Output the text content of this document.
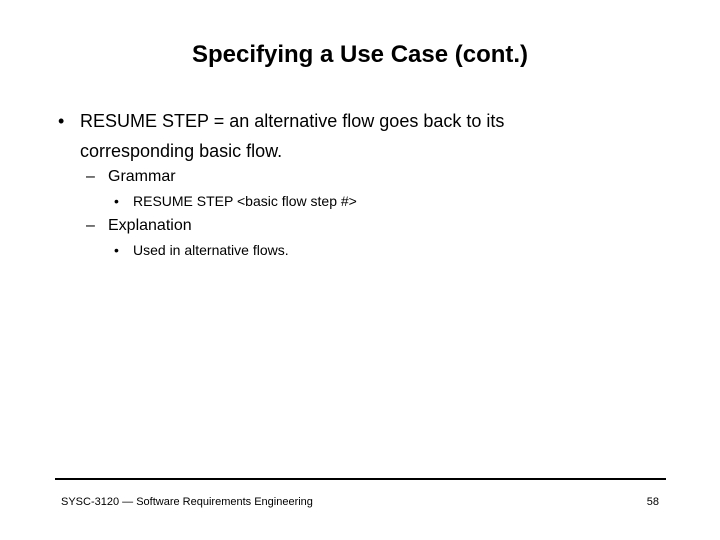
Specifying a Use Case (cont.)
• RESUME STEP = an alternative flow goes back to its corresponding basic flow.
– Grammar
• RESUME STEP <basic flow step #>
– Explanation
• Used in alternative flows.
SYSC-3120 — Software Requirements Engineering	58
